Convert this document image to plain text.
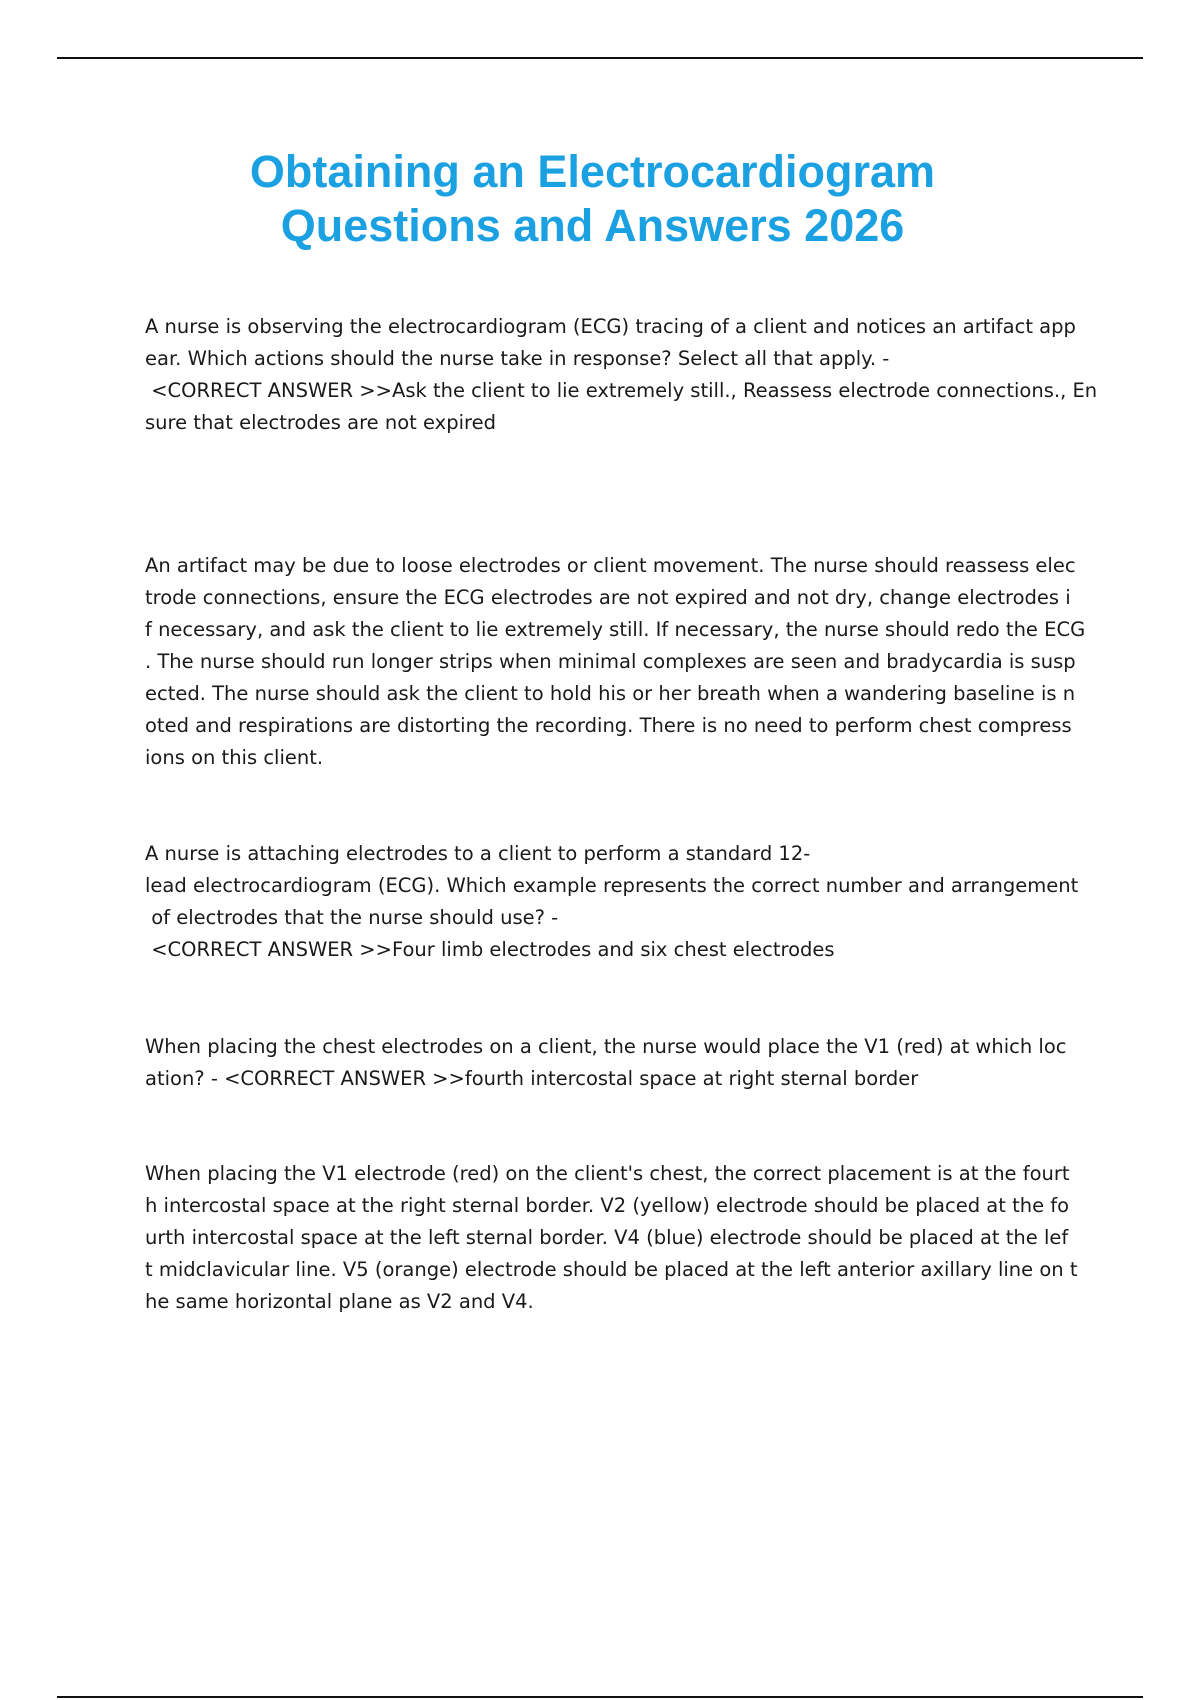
Obtaining an Electrocardiogram
Questions and Answers 2026
A nurse is observing the electrocardiogram (ECG) tracing of a client and notices an artifact app
ear. Which actions should the nurse take in response? Select all that apply. -
<CORRECT ANSWER >>Ask the client to lie extremely still., Reassess electrode connections., En
sure that electrodes are not expired
An artifact may be due to loose electrodes or client movement. The nurse should reassess elec
trode connections, ensure the ECG electrodes are not expired and not dry, change electrodes i
f necessary, and ask the client to lie extremely still. If necessary, the nurse should redo the ECG
. The nurse should run longer strips when minimal complexes are seen and bradycardia is susp
ected. The nurse should ask the client to hold his or her breath when a wandering baseline is n
oted and respirations are distorting the recording. There is no need to perform chest compress
ions on this client.
A nurse is attaching electrodes to a client to perform a standard 12-
lead electrocardiogram (ECG). Which example represents the correct number and arrangement
of electrodes that the nurse should use? -
<CORRECT ANSWER >>Four limb electrodes and six chest electrodes
When placing the chest electrodes on a client, the nurse would place the V1 (red) at which loc
ation? - <CORRECT ANSWER >>fourth intercostal space at right sternal border
When placing the V1 electrode (red) on the client's chest, the correct placement is at the fourt
h intercostal space at the right sternal border. V2 (yellow) electrode should be placed at the fo
urth intercostal space at the left sternal border. V4 (blue) electrode should be placed at the lef
t midclavicular line. V5 (orange) electrode should be placed at the left anterior axillary line on t
he same horizontal plane as V2 and V4.
